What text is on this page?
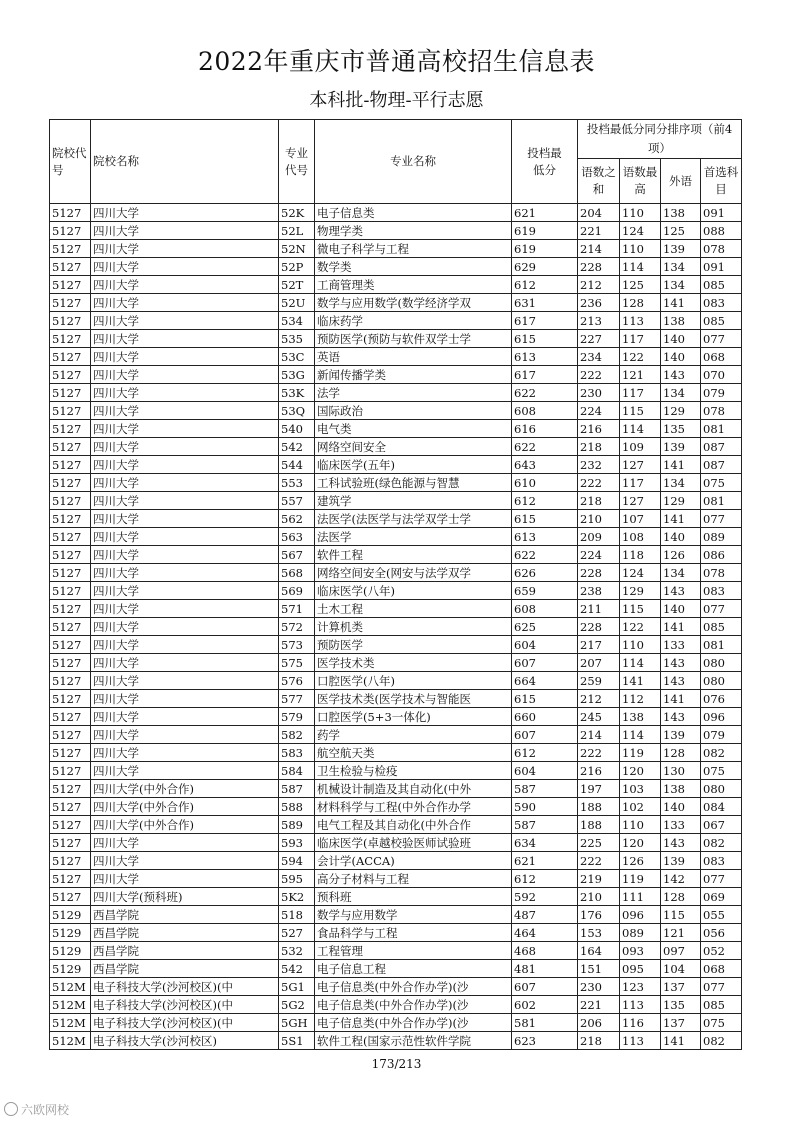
2022年重庆市普通高校招生信息表
本科批-物理-平行志愿
院校代号	院校名称	专业代号	专业名称	投档最低分	投档最低分同分排序项（前4项）			
					语数之和	语数最高	外语	首选科目
5127	四川大学	52K	电子信息类	621	204	110	138	091
5127	四川大学	52L	物理学类	619	221	124	125	088
5127	四川大学	52N	微电子科学与工程	619	214	110	139	078
5127	四川大学	52P	数学类	629	228	114	134	091
5127	四川大学	52T	工商管理类	612	212	125	134	085
5127	四川大学	52U	数学与应用数学(数学经济学双	631	236	128	141	083
5127	四川大学	534	临床药学	617	213	113	138	085
5127	四川大学	535	预防医学(预防与软件双学士学	615	227	117	140	077
5127	四川大学	53C	英语	613	234	122	140	068
5127	四川大学	53G	新闻传播学类	617	222	121	143	070
5127	四川大学	53K	法学	622	230	117	134	079
5127	四川大学	53Q	国际政治	608	224	115	129	078
5127	四川大学	540	电气类	616	216	114	135	081
5127	四川大学	542	网络空间安全	622	218	109	139	087
5127	四川大学	544	临床医学(五年)	643	232	127	141	087
5127	四川大学	553	工科试验班(绿色能源与智慧	610	222	117	134	075
5127	四川大学	557	建筑学	612	218	127	129	081
5127	四川大学	562	法医学(法医学与法学双学士学	615	210	107	141	077
5127	四川大学	563	法医学	613	209	108	140	089
5127	四川大学	567	软件工程	622	224	118	126	086
5127	四川大学	568	网络空间安全(网安与法学双学	626	228	124	134	078
5127	四川大学	569	临床医学(八年)	659	238	129	143	083
5127	四川大学	571	土木工程	608	211	115	140	077
5127	四川大学	572	计算机类	625	228	122	141	085
5127	四川大学	573	预防医学	604	217	110	133	081
5127	四川大学	575	医学技术类	607	207	114	143	080
5127	四川大学	576	口腔医学(八年)	664	259	141	143	080
5127	四川大学	577	医学技术类(医学技术与智能医	615	212	112	141	076
5127	四川大学	579	口腔医学(5+3一体化)	660	245	138	143	096
5127	四川大学	582	药学	607	214	114	139	079
5127	四川大学	583	航空航天类	612	222	119	128	082
5127	四川大学	584	卫生检验与检疫	604	216	120	130	075
5127	四川大学(中外合作)	587	机械设计制造及其自动化(中外	587	197	103	138	080
5127	四川大学(中外合作)	588	材料科学与工程(中外合作办学	590	188	102	140	084
5127	四川大学(中外合作)	589	电气工程及其自动化(中外合作	587	188	110	133	067
5127	四川大学	593	临床医学(卓越校验医师试验班	634	225	120	143	082
5127	四川大学	594	会计学(ACCA)	621	222	126	139	083
5127	四川大学	595	高分子材料与工程	612	219	119	142	077
5127	四川大学(预科班)	5K2	预科班	592	210	111	128	069
5129	西昌学院	518	数学与应用数学	487	176	096	115	055
5129	西昌学院	527	食品科学与工程	464	153	089	121	056
5129	西昌学院	532	工程管理	468	164	093	097	052
5129	西昌学院	542	电子信息工程	481	151	095	104	068
512M	电子科技大学(沙河校区)(中	5G1	电子信息类(中外合作办学)(沙	607	230	123	137	077
512M	电子科技大学(沙河校区)(中	5G2	电子信息类(中外合作办学)(沙	602	221	113	135	085
512M	电子科技大学(沙河校区)(中	5GH	电子信息类(中外合作办学)(沙	581	206	116	137	075
512M	电子科技大学(沙河校区)	5S1	软件工程(国家示范性软件学院	623	218	113	141	082
173/213
六欧网校
